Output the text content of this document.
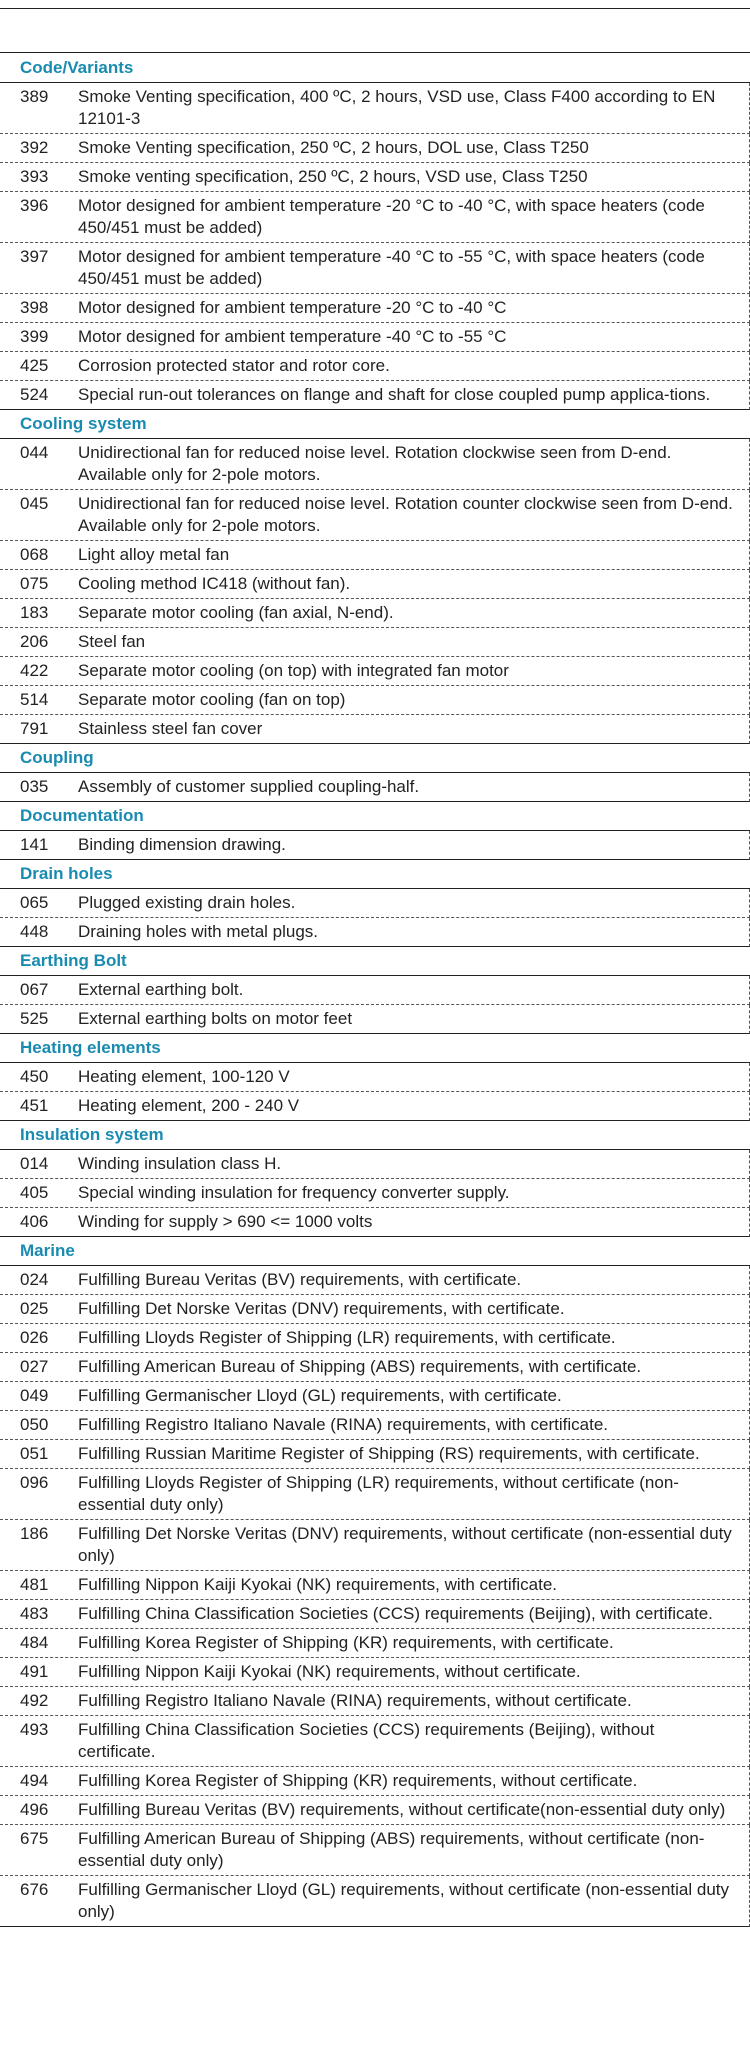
Code/Variants
389	Smoke Venting specification, 400 ºC, 2 hours, VSD use, Class F400 according to EN 12101-3
392	Smoke Venting specification, 250 ºC, 2 hours, DOL use, Class T250
393	Smoke venting specification, 250 ºC, 2 hours, VSD use, Class T250
396	Motor designed for ambient temperature -20 °C to -40 °C, with space heaters (code 450/451 must be added)
397	Motor designed for ambient temperature -40 °C to -55 °C, with space heaters (code 450/451 must be added)
398	Motor designed for ambient temperature -20 °C to -40 °C
399	Motor designed for ambient temperature -40 °C to -55 °C
425	Corrosion protected stator and rotor core.
524	Special run-out tolerances on flange and shaft for close coupled pump applica-tions.
Cooling system
044	Unidirectional fan for reduced noise level. Rotation clockwise seen from D-end. Available only for 2-pole motors.
045	Unidirectional fan for reduced noise level. Rotation counter clockwise seen from D-end. Available only for 2-pole motors.
068	Light alloy metal fan
075	Cooling method IC418 (without fan).
183	Separate motor cooling (fan axial, N-end).
206	Steel fan
422	Separate motor cooling (on top) with integrated fan motor
514	Separate motor cooling (fan on top)
791	Stainless steel fan cover
Coupling
035	Assembly of customer supplied coupling-half.
Documentation
141	Binding dimension drawing.
Drain holes
065	Plugged existing drain holes.
448	Draining holes with metal plugs.
Earthing Bolt
067	External earthing bolt.
525	External earthing bolts on motor feet
Heating elements
450	Heating element, 100-120 V
451	Heating element, 200 - 240 V
Insulation system
014	Winding insulation class H.
405	Special winding insulation for frequency converter supply.
406	Winding for supply > 690 <= 1000 volts
Marine
024	Fulfilling Bureau Veritas (BV) requirements, with certificate.
025	Fulfilling Det Norske Veritas (DNV) requirements, with certificate.
026	Fulfilling Lloyds Register of Shipping (LR) requirements, with certificate.
027	Fulfilling American Bureau of Shipping (ABS) requirements, with certificate.
049	Fulfilling Germanischer Lloyd (GL) requirements, with certificate.
050	Fulfilling Registro Italiano Navale (RINA) requirements, with certificate.
051	Fulfilling Russian Maritime Register of Shipping (RS) requirements, with certificate.
096	Fulfilling Lloyds Register of Shipping (LR) requirements, without certificate (non-essential duty only)
186	Fulfilling Det Norske Veritas (DNV) requirements, without certificate (non-essential duty only)
481	Fulfilling Nippon Kaiji Kyokai (NK) requirements, with certificate.
483	Fulfilling China Classification Societies (CCS) requirements (Beijing), with certificate.
484	Fulfilling Korea Register of Shipping (KR) requirements, with certificate.
491	Fulfilling Nippon Kaiji Kyokai (NK) requirements, without certificate.
492	Fulfilling Registro Italiano Navale (RINA) requirements, without certificate.
493	Fulfilling China Classification Societies (CCS) requirements (Beijing), without certificate.
494	Fulfilling Korea Register of Shipping (KR) requirements, without certificate.
496	Fulfilling Bureau Veritas (BV) requirements, without certificate(non-essential duty only)
675	Fulfilling American Bureau of Shipping (ABS) requirements, without certificate (non-essential duty only)
676	Fulfilling Germanischer Lloyd (GL) requirements, without certificate (non-essential duty only)
